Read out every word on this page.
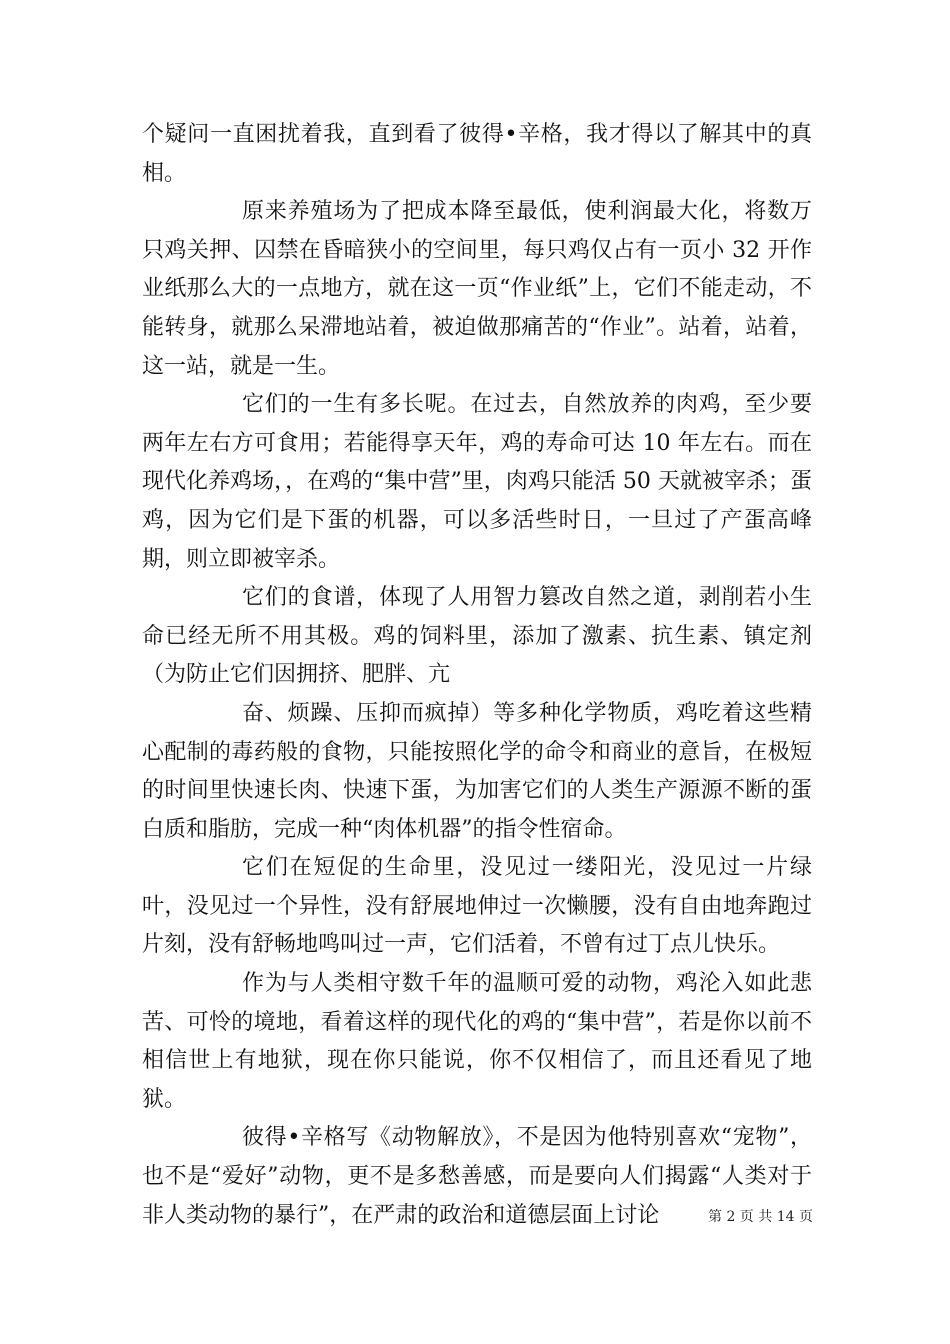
个疑问一直困扰着我，直到看了彼得•辛格，我才得以了解其中的真相。

原来养殖场为了把成本降至最低，使利润最大化，将数万只鸡关押、囚禁在昏暗狭小的空间里，每只鸡仅占有一页小 32 开作业纸那么大的一点地方，就在这一页“作业纸”上，它们不能走动，不能转身，就那么呆滞地站着，被迫做那痛苦的“作业”。站着，站着，这一站，就是一生。

它们的一生有多长呢。在过去，自然放养的肉鸡，至少要两年左右方可食用；若能得享天年，鸡的寿命可达 10 年左右。而在现代化养鸡场，，在鸡的“集中营”里，肉鸡只能活 50 天就被宰杀；蛋鸡，因为它们是下蛋的机器，可以多活些时日，一旦过了产蛋高峰期，则立即被宰杀。

它们的食谱，体现了人用智力篡改自然之道，剥削若小生命已经无所不用其极。鸡的饲料里，添加了激素、抗生素、镇定剂（为防止它们因拥挤、肥胖、亢

奋、烦躁、压抑而疯掉）等多种化学物质，鸡吃着这些精心配制的毒药般的食物，只能按照化学的命令和商业的意旨，在极短的时间里快速长肉、快速下蛋，为加害它们的人类生产源源不断的蛋白质和脂肪，完成一种“肉体机器”的指令性宿命。

它们在短促的生命里，没见过一缕阳光，没见过一片绿叶，没见过一个异性，没有舒展地伸过一次懒腰，没有自由地奔跑过片刻，没有舒畅地鸣叫过一声，它们活着，不曾有过丁点儿快乐。

作为与人类相守数千年的温顺可爱的动物，鸡沦入如此悲苦、可怜的境地，看着这样的现代化的鸡的“集中营”，若是你以前不相信世上有地狱，现在你只能说，你不仅相信了，而且还看见了地狱。

彼得•辛格写《动物解放》，不是因为他特别喜欢“宠物”，也不是“爱好”动物，更不是多愁善感，而是要向人们揭露“人类对于非人类动物的暴行”，在严肃的政治和道德层面上讨论	第 2 页 共 14 页
